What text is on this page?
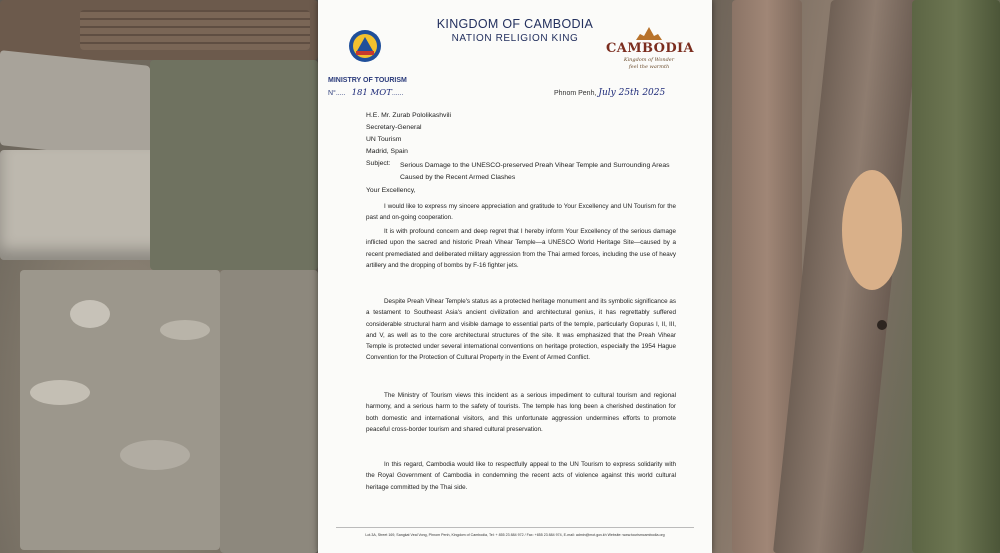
KINGDOM OF CAMBODIA
NATION RELIGION KING
CAMBODIA
Kingdom of Wonder
feel the warmth
MINISTRY OF TOURISM
N°..... 181 MOT......	Phnom Penh, July 25th 2025
H.E. Mr. Zurab Pololikashvili
Secretary-General
UN Tourism
Madrid, Spain
Subject: Serious Damage to the UNESCO-preserved Preah Vihear Temple and Surrounding Areas Caused by the Recent Armed Clashes
Your Excellency,
I would like to express my sincere appreciation and gratitude to Your Excellency and UN Tourism for the past and on-going cooperation.
It is with profound concern and deep regret that I hereby inform Your Excellency of the serious damage inflicted upon the sacred and historic Preah Vihear Temple—a UNESCO World Heritage Site—caused by a recent premediated and deliberated military aggression from the Thai armed forces, including the use of heavy artillery and the dropping of bombs by F-16 fighter jets.
Despite Preah Vihear Temple's status as a protected heritage monument and its symbolic significance as a testament to Southeast Asia's ancient civilization and architectural genius, it has regrettably suffered considerable structural harm and visible damage to essential parts of the temple, particularly Gopuras I, II, III, and V, as well as to the core architectural structures of the site. It was emphasized that the Preah Vihear Temple is protected under several international conventions on heritage protection, especially the 1954 Hague Convention for the Protection of Cultural Property in the Event of Armed Conflict.
The Ministry of Tourism views this incident as a serious impediment to cultural tourism and regional harmony, and a serious harm to the safety of tourists. The temple has long been a cherished destination for both domestic and international visitors, and this unfortunate aggression undermines efforts to promote peaceful cross-border tourism and shared cultural preservation.
In this regard, Cambodia would like to respectfully appeal to the UN Tourism to express solidarity with the Royal Government of Cambodia in condemning the recent acts of violence against this world cultural heritage committed by the Thai side.
Lot.3A, Street 169, Sangkat Veal Vong, Phnom Penh, Kingdom of Cambodia, Tel: + 855 23 884 972 / Fax: +855 23 884 974, E-mail: admin@mot.gov.kh Website: www.tourismcambodia.org
